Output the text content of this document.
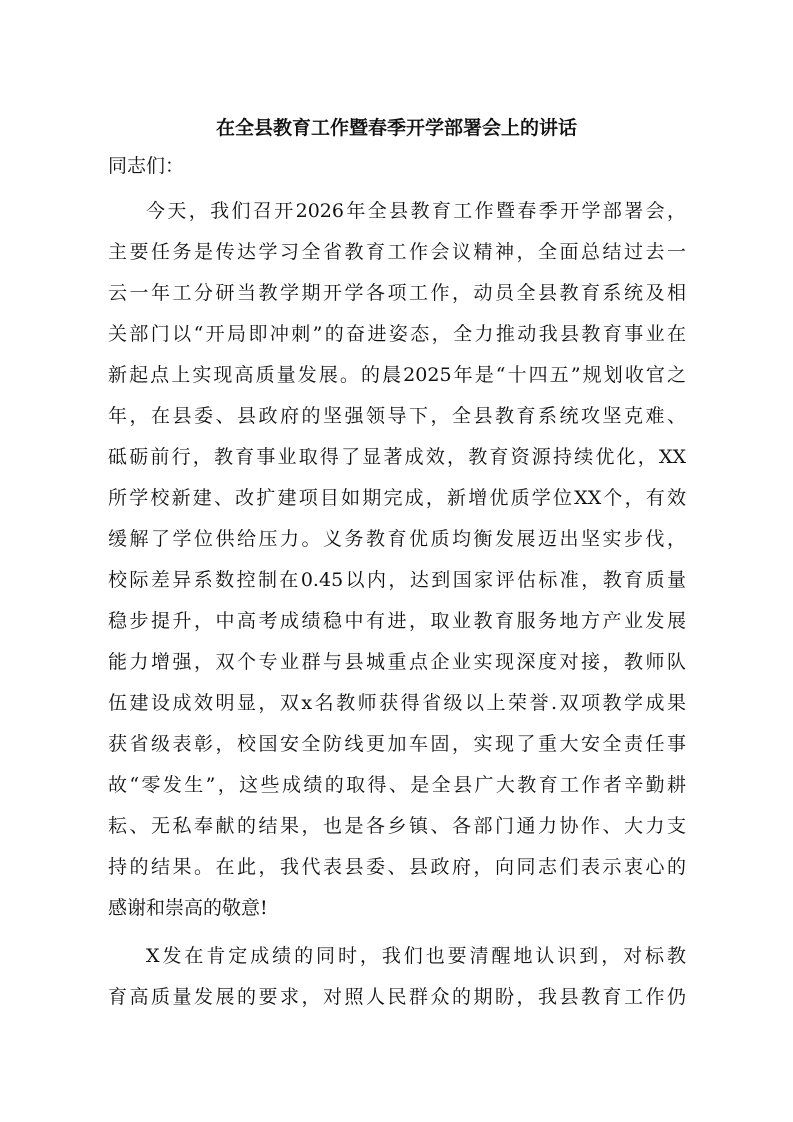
在全县教育工作暨春季开学部署会上的讲话
同志们：
今天，我们召开2026年全县教育工作暨春季开学部署会，
主要任务是传达学习全省教育工作会议精神，全面总结过去一
云一年工分研当教学期开学各项工作，动员全县教育系统及相
关部门以“开局即冲刺”的奋进姿态，全力推动我县教育事业在
新起点上实现高质量发展。的晨2025年是“十四五”规划收官之
年，在县委、县政府的坚强领导下，全县教育系统攻坚克难、
砥砺前行，教育事业取得了显著成效，教育资源持续优化，XX
所学校新建、改扩建项目如期完成，新增优质学位XX个，有效
缓解了学位供给压力。义务教育优质均衡发展迈出坚实步伐，
校际差异系数控制在0.45以内，达到国家评估标准，教育质量
稳步提升，中高考成绩稳中有进，取业教育服务地方产业发展
能力增强，双个专业群与县城重点企业实现深度对接，教师队
伍建设成效明显，双x名教师获得省级以上荣誉.双项教学成果
获省级表彰，校国安全防线更加车固，实现了重大安全责任事
故“零发生”，这些成绩的取得、是全县广大教育工作者辛勤耕
耘、无私奉献的结果，也是各乡镇、各部门通力协作、大力支
持的结果。在此，我代表县委、县政府，向同志们表示衷心的
感谢和崇高的敬意!
X发在肯定成绩的同时，我们也要清醒地认识到，对标教
育高质量发展的要求，对照人民群众的期盼，我县教育工作仍
